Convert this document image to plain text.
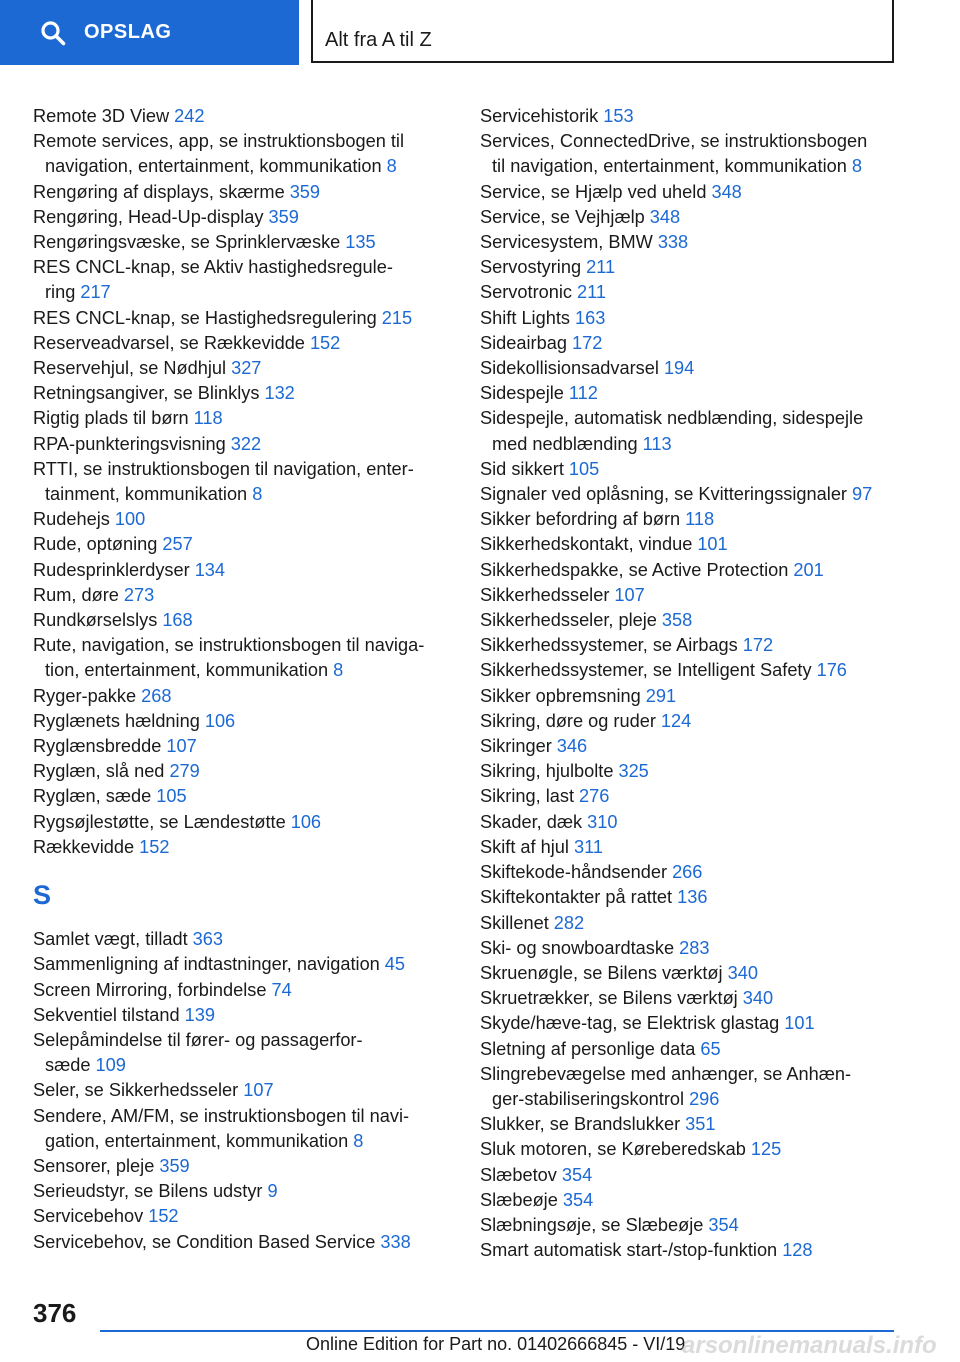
OPSLAG	Alt fra A til Z
Remote 3D View 242
Remote services, app, se instruktionsbogen til
navigation, entertainment, kommunikation 8
Rengøring af displays, skærme 359
Rengøring, Head-Up-display 359
Rengøringsvæske, se Sprinklervæske 135
RES CNCL-knap, se Aktiv hastighedsregule-
ring 217
RES CNCL-knap, se Hastighedsregulering 215
Reserveadvarsel, se Rækkevidde 152
Reservehjul, se Nødhjul 327
Retningsangiver, se Blinklys 132
Rigtig plads til børn 118
RPA-punkteringsvisning 322
RTTI, se instruktionsbogen til navigation, enter-
tainment, kommunikation 8
Rudehejs 100
Rude, optøning 257
Rudesprinklerdyser 134
Rum, døre 273
Rundkørselslys 168
Rute, navigation, se instruktionsbogen til naviga-
tion, entertainment, kommunikation 8
Ryger-pakke 268
Ryglænets hældning 106
Ryglænsbredde 107
Ryglæn, slå ned 279
Ryglæn, sæde 105
Rygsøjlestøtte, se Lændestøtte 106
Rækkevidde 152
S
Samlet vægt, tilladt 363
Sammenligning af indtastninger, navigation 45
Screen Mirroring, forbindelse 74
Sekventiel tilstand 139
Selepåmindelse til fører- og passagerfor-
sæde 109
Seler, se Sikkerhedsseler 107
Sendere, AM/FM, se instruktionsbogen til navi-
gation, entertainment, kommunikation 8
Sensorer, pleje 359
Serieudstyr, se Bilens udstyr 9
Servicebehov 152
Servicebehov, se Condition Based Service 338
Servicehistorik 153
Services, ConnectedDrive, se instruktionsbogen
til navigation, entertainment, kommunikation 8
Service, se Hjælp ved uheld 348
Service, se Vejhjælp 348
Servicesystem, BMW 338
Servostyring 211
Servotronic 211
Shift Lights 163
Sideairbag 172
Sidekollisionsadvarsel 194
Sidespejle 112
Sidespejle, automatisk nedblænding, sidespejle
med nedblænding 113
Sid sikkert 105
Signaler ved oplåsning, se Kvitteringssignaler 97
Sikker befordring af børn 118
Sikkerhedskontakt, vindue 101
Sikkerhedspakke, se Active Protection 201
Sikkerhedsseler 107
Sikkerhedsseler, pleje 358
Sikkerhedssystemer, se Airbags 172
Sikkerhedssystemer, se Intelligent Safety 176
Sikker opbremsning 291
Sikring, døre og ruder 124
Sikringer 346
Sikring, hjulbolte 325
Sikring, last 276
Skader, dæk 310
Skift af hjul 311
Skiftekode-håndsender 266
Skiftekontakter på rattet 136
Skillenet 282
Ski- og snowboardtaske 283
Skruenøgle, se Bilens værktøj 340
Skruetrækker, se Bilens værktøj 340
Skyde/hæve-tag, se Elektrisk glastag 101
Sletning af personlige data 65
Slingrebevægelse med anhænger, se Anhæn-
ger-stabiliseringskontrol 296
Slukker, se Brandslukker 351
Sluk motoren, se Køreberedskab 125
Slæbetov 354
Slæbeøje 354
Slæbningsøje, se Slæbeøje 354
Smart automatisk start-/stop-funktion 128
376
Online Edition for Part no. 01402666845 - VI/19
arsonlinemanuals.info
